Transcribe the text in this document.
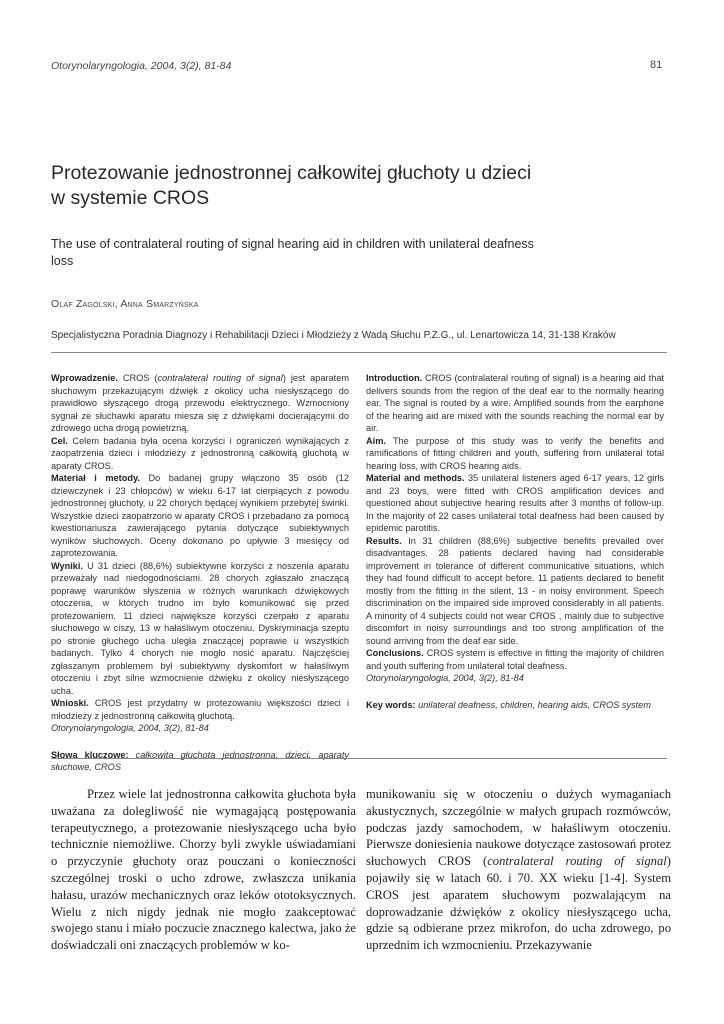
Otorynolaryngologia, 2004, 3(2), 81-84	81
Protezowanie jednostronnej całkowitej głuchoty u dzieci
w systemie CROS
The use of contralateral routing of signal hearing aid in children with unilateral deafness
loss
Olaf Zagólski, Anna Smarzyńska
Specjalistyczna Poradnia Diagnozy i Rehabilitacji Dzieci i Młodzieży z Wadą Słuchu P.Z.G., ul. Lenartowicza 14, 31-138 Kraków

Wprowadzenie. CROS (contralateral routing of signal) jest aparatem słuchowym przekazującym dźwięk z okolicy ucha niesłyszącego do prawidłowo słyszącego drogą przewodu elektrycznego. Wzmocniony sygnał ze słuchawki aparatu miesza się z dźwiękami docierającymi do zdrowego ucha drogą powietrzną.

Cel. Celem badania była ocena korzyści i ograniczeń wynikających z zaopatrzenia dzieci i młodzieży z jednostronną całkowitą głuchotą w aparaty CROS.

Materiał i metody. Do badanej grupy włączono 35 osób (12 dziewczynek i 23 chłopców) w wieku 6-17 lat cierpiących z powodu jednostronnej głuchoty, u 22 chorych będącej wynikiem przebytej świnki. Wszystkie dzieci zaopatrzono w aparaty CROS i przebadano za pomocą kwestionariusza zawierającego pytania dotyczące subiektywnych wyników słuchowych. Oceny dokonano po upływie 3 miesięcy od zaprotezowania.

Wyniki. U 31 dzieci (88,6%) subiektywne korzyści z noszenia aparatu przeważały nad niedogodnościami. 28 chorych zgłaszało znaczącą poprawę warunków słyszenia w różnych warunkach dźwiękowych otoczenia, w których trudno im było komunikować się przed protezowaniem. 11 dzieci największe korzyści czerpało z aparatu słuchowego w ciszy, 13 w hałaśliwym otoczeniu. Dyskryminacja szeptu po stronie głuchego ucha uległa znaczącej poprawie u wszystkich badanych. Tylko 4 chorych nie mogło nosić aparatu. Najczęściej zgłaszanym problemem był subiektywny dyskomfort w hałaśliwym otoczeniu i zbyt silne wzmocnienie dźwięku z okolicy niesłyszącego ucha.

Wnioski. CROS jest przydatny w protezowaniu większości dzieci i młodzieży z jednostronną całkowitą głuchotą.

Otorynolaryngologia, 2004, 3(2), 81-84

Słowa kluczowe: całkowita głuchota jednostronna, dzieci, aparaty słuchowe, CROS

Introduction. CROS (contralateral routing of signal) is a hearing aid that delivers sounds from the region of the deaf ear to the normally hearing ear. The signal is routed by a wire. Amplified sounds from the earphone of the hearing aid are mixed with the sounds reaching the normal ear by air.

Aim. The purpose of this study was to verify the benefits and ramifications of fitting children and youth, suffering from unilateral total hearing loss, with CROS hearing aids.

Material and methods. 35 unilateral listeners aged 6-17 years, 12 girls and 23 boys, were fitted with CROS amplification devices and questioned about subjective hearing results after 3 months of follow-up. In the majority of 22 cases unilateral total deafness had been caused by epidemic parotitis.

Results. In 31 children (88,6%) subjective benefits prevailed over disadvantages. 28 patients declared having had considerable improvement in tolerance of different communicative situations, which they had found difficult to accept before. 11 patients declared to benefit mostly from the fitting in the silent, 13 - in noisy environment. Speech discrimination on the impaired side improved considerably in all patients. A minority of 4 subjects could not wear CROS , mainly due to subjective discomfort in noisy surroundings and too strong amplification of the sound arriving from the deaf ear side.

Conclusions. CROS system is effective in fitting the majority of children and youth suffering from unilateral total deafness.

Otorynolaryngologia, 2004, 3(2), 81-84

Key words: unilateral deafness, children, hearing aids, CROS system

Przez wiele lat jednostronna całkowita głuchota była uważana za dolegliwość nie wymagającą postępowania terapeutycznego, a protezowanie niesłyszącego ucha było technicznie niemożliwe. Chorzy byli zwykle uświadamiani o przyczynie głuchoty oraz pouczani o konieczności szczególnej troski o ucho zdrowe, zwłaszcza unikania hałasu, urazów mechanicznych oraz leków ototoksycznych. Wielu z nich nigdy jednak nie mogło zaakceptować swojego stanu i miało poczucie znacznego kalectwa, jako że doświadczali oni znaczących problemów w ko-

munikowaniu się w otoczeniu o dużych wymaganiach akustycznych, szczególnie w małych grupach rozmówców, podczas jazdy samochodem, w hałaśliwym otoczeniu. Pierwsze doniesienia naukowe dotyczące zastosowań protez słuchowych CROS (contralateral routing of signal) pojawiły się w latach 60. i 70. XX wieku [1-4]. System CROS jest aparatem słuchowym pozwalającym na doprowadzanie dźwięków z okolicy niesłyszącego ucha, gdzie są odbierane przez mikrofon, do ucha zdrowego, po uprzednim ich wzmocnieniu. Przekazywanie
